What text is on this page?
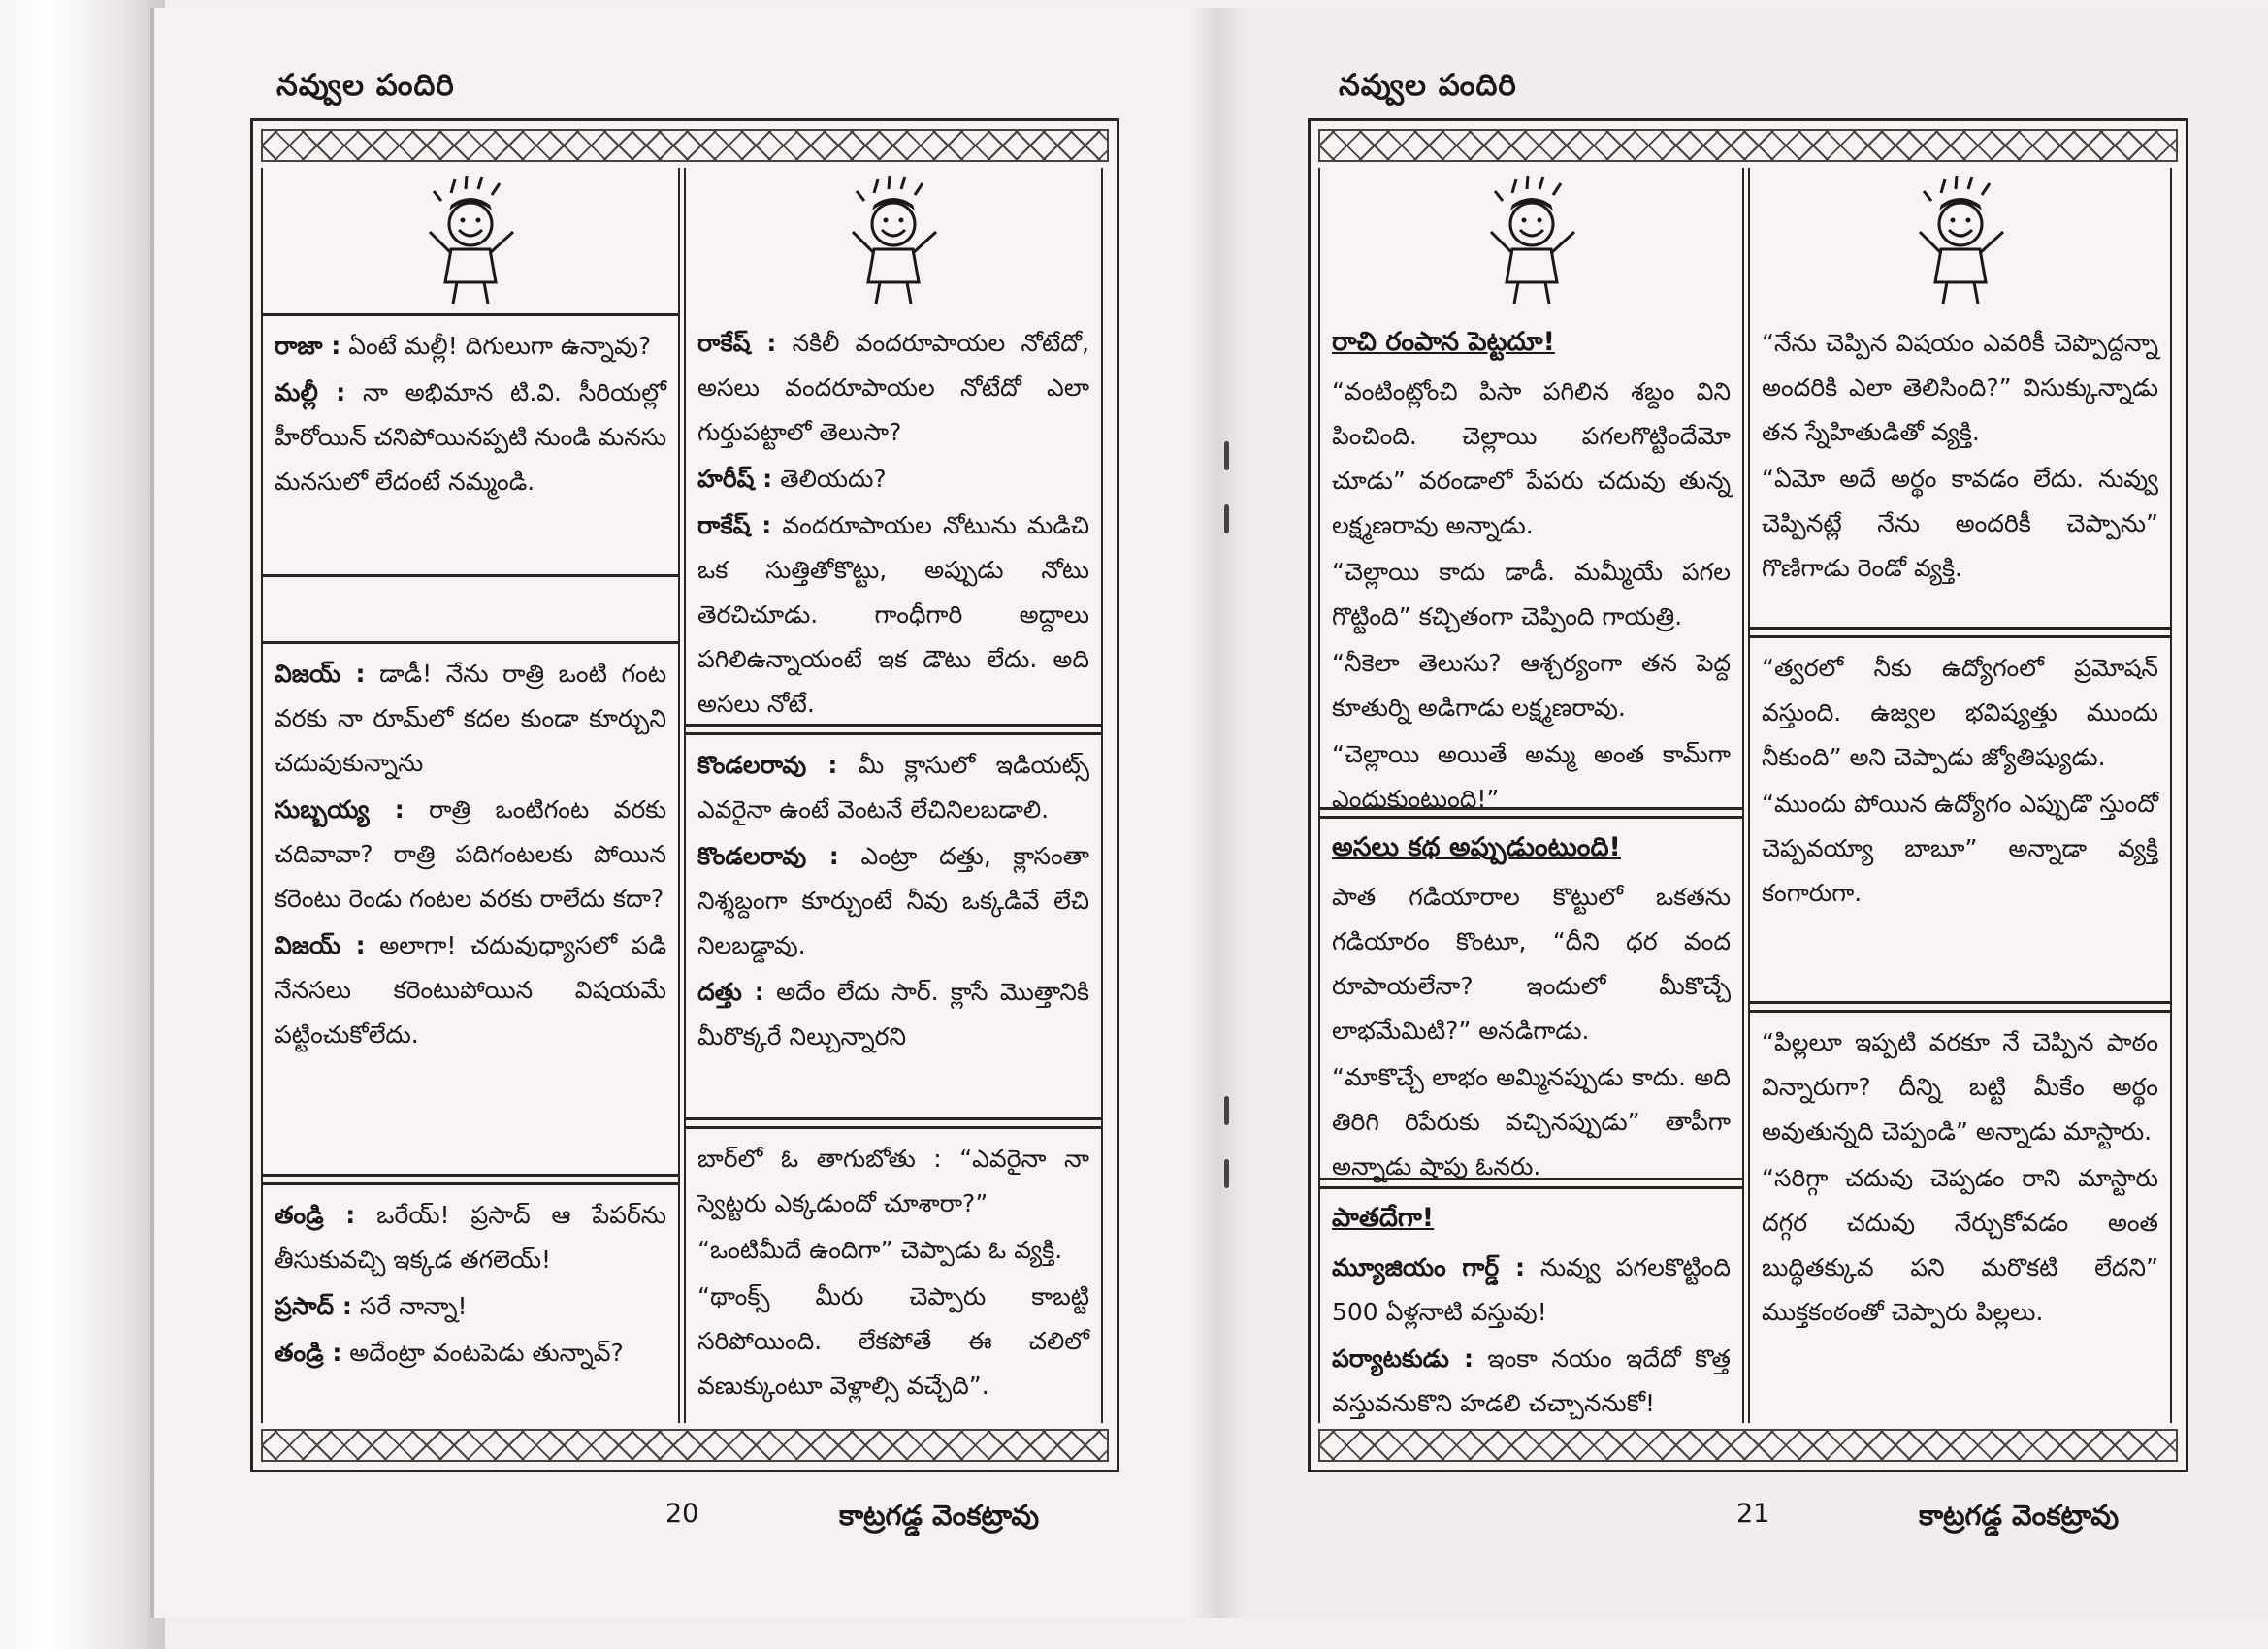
నవ్వుల పందిరి	నవ్వుల పందిరి

రాజా : ఏంటే మల్లీ! దిగులుగా ఉన్నావు?

మల్లీ : నా అభిమాన టి.వి. సీరియల్లో హీరోయిన్ చనిపోయినప్పటి నుండి మనసు మనసులో లేదంటే నమ్మండి.

విజయ్ : డాడీ! నేను రాత్రి ఒంటి గంట వరకు నా రూమ్‌లో కదల కుండా కూర్చుని చదువుకున్నాను

సుబ్బయ్య : రాత్రి ఒంటిగంట వరకు చదివావా? రాత్రి పదిగంటలకు పోయిన కరెంటు రెండు గంటల వరకు రాలేదు కదా?

విజయ్ : అలాగా! చదువుధ్యాసలో పడి నేనసలు కరెంటుపోయిన విషయమే పట్టించుకోలేదు.

తండ్రి : ఒరేయ్! ప్రసాద్ ఆ పేపర్‌ను తీసుకువచ్చి ఇక్కడ తగలెయ్!

ప్రసాద్ : సరే నాన్నా!

తండ్రి : అదేంట్రా వంటపెడు తున్నావ్?

రాకేష్ : నకిలీ వందరూపాయల నోటేదో, అసలు వందరూపాయల నోటేదో ఎలా గుర్తుపట్టాలో తెలుసా?

హరీష్ : తెలియదు?

రాకేష్ : వందరూపాయల నోటును మడిచి ఒక సుత్తితోకొట్టు, అప్పుడు నోటు తెరచిచూడు. గాంధీగారి అద్దాలు పగిలిఉన్నాయంటే ఇక డౌటు లేదు. అది అసలు నోటే.

కొండలరావు : మీ క్లాసులో ఇడియట్స్ ఎవరైనా ఉంటే వెంటనే లేచినిలబడాలి.

కొండలరావు : ఎంట్రా దత్తు, క్లాసంతా నిశ్శబ్దంగా కూర్చుంటే నీవు ఒక్కడివే లేచి నిలబడ్డావు.

దత్తు : అదేం లేదు సార్. క్లాసే మొత్తానికి మీరొక్కరే నిల్చున్నారని

బార్‌లో ఓ తాగుబోతు : “ఎవరైనా నా స్వెట్టరు ఎక్కడుందో చూశారా?”

“ఒంటిమీదే ఉందిగా” చెప్పాడు ఓ వ్యక్తి.

“థాంక్స్ మీరు చెప్పారు కాబట్టి సరిపోయింది. లేకపోతే ఈ చలిలో వణుక్కుంటూ వెళ్లాల్సి వచ్చేది”.

రాచి రంపాన పెట్టదూ!

“వంటింట్లోంచి పిసా పగిలిన శబ్దం విని పించింది. చెల్లాయి పగలగొట్టిందేమో చూడు” వరండాలో పేపరు చదువు తున్న లక్ష్మణరావు అన్నాడు.

“చెల్లాయి కాదు డాడీ. మమ్మీయే పగల గొట్టింది” కచ్చితంగా చెప్పింది గాయత్రి.

“నీకెలా తెలుసు? ఆశ్చర్యంగా తన పెద్ద కూతుర్ని అడిగాడు లక్ష్మణరావు.

“చెల్లాయి అయితే అమ్మ అంత కామ్‌గా ఎందుకుంటుంది!”

అసలు కథ అప్పుడుంటుంది!

పాత గడియారాల కొట్టులో ఒకతను గడియారం కొంటూ, “దీని ధర వంద రూపాయలేనా? ఇందులో మీకొచ్చే లాభమేమిటి?” అనడిగాడు.

“మాకొచ్చే లాభం అమ్మినప్పుడు కాదు. అది తిరిగి రిపేరుకు వచ్చినప్పుడు” తాపీగా అన్నాడు షాపు ఓనరు.

పాతదేగా!

మ్యూజియం గార్డ్ : నువ్వు పగలకొట్టింది 500 ఏళ్లనాటి వస్తువు!

పర్యాటకుడు : ఇంకా నయం ఇదేదో కొత్త వస్తువనుకొని హడలి చచ్చాననుకో!

“నేను చెప్పిన విషయం ఎవరికీ చెప్పొద్దన్నా అందరికి ఎలా తెలిసింది?” విసుక్కున్నాడు తన స్నేహితుడితో వ్యక్తి.

“ఏమో అదే అర్థం కావడం లేదు. నువ్వు చెప్పినట్లే నేను అందరికీ చెప్పాను” గొణిగాడు రెండో వ్యక్తి.

“త్వరలో నీకు ఉద్యోగంలో ప్రమోషన్ వస్తుంది. ఉజ్వల భవిష్యత్తు ముందు నీకుంది” అని చెప్పాడు జ్యోతిష్యుడు.

“ముందు పోయిన ఉద్యోగం ఎప్పుడొ స్తుందో చెప్పవయ్యా బాబూ” అన్నాడా వ్యక్తి కంగారుగా.

“పిల్లలూ ఇప్పటి వరకూ నే చెప్పిన పాఠం విన్నారుగా? దీన్ని బట్టి మీకేం అర్థం అవుతున్నది చెప్పండి” అన్నాడు మాస్టారు.

“సరిగ్గా చదువు చెప్పడం రాని మాస్టారు దగ్గర చదువు నేర్చుకోవడం అంత బుద్ధితక్కువ పని మరొకటి లేదని” ముక్తకంఠంతో చెప్పారు పిల్లలు.

20	కాట్రగడ్డ వెంకట్రావు	21	కాట్రగడ్డ వెంకట్రావు
